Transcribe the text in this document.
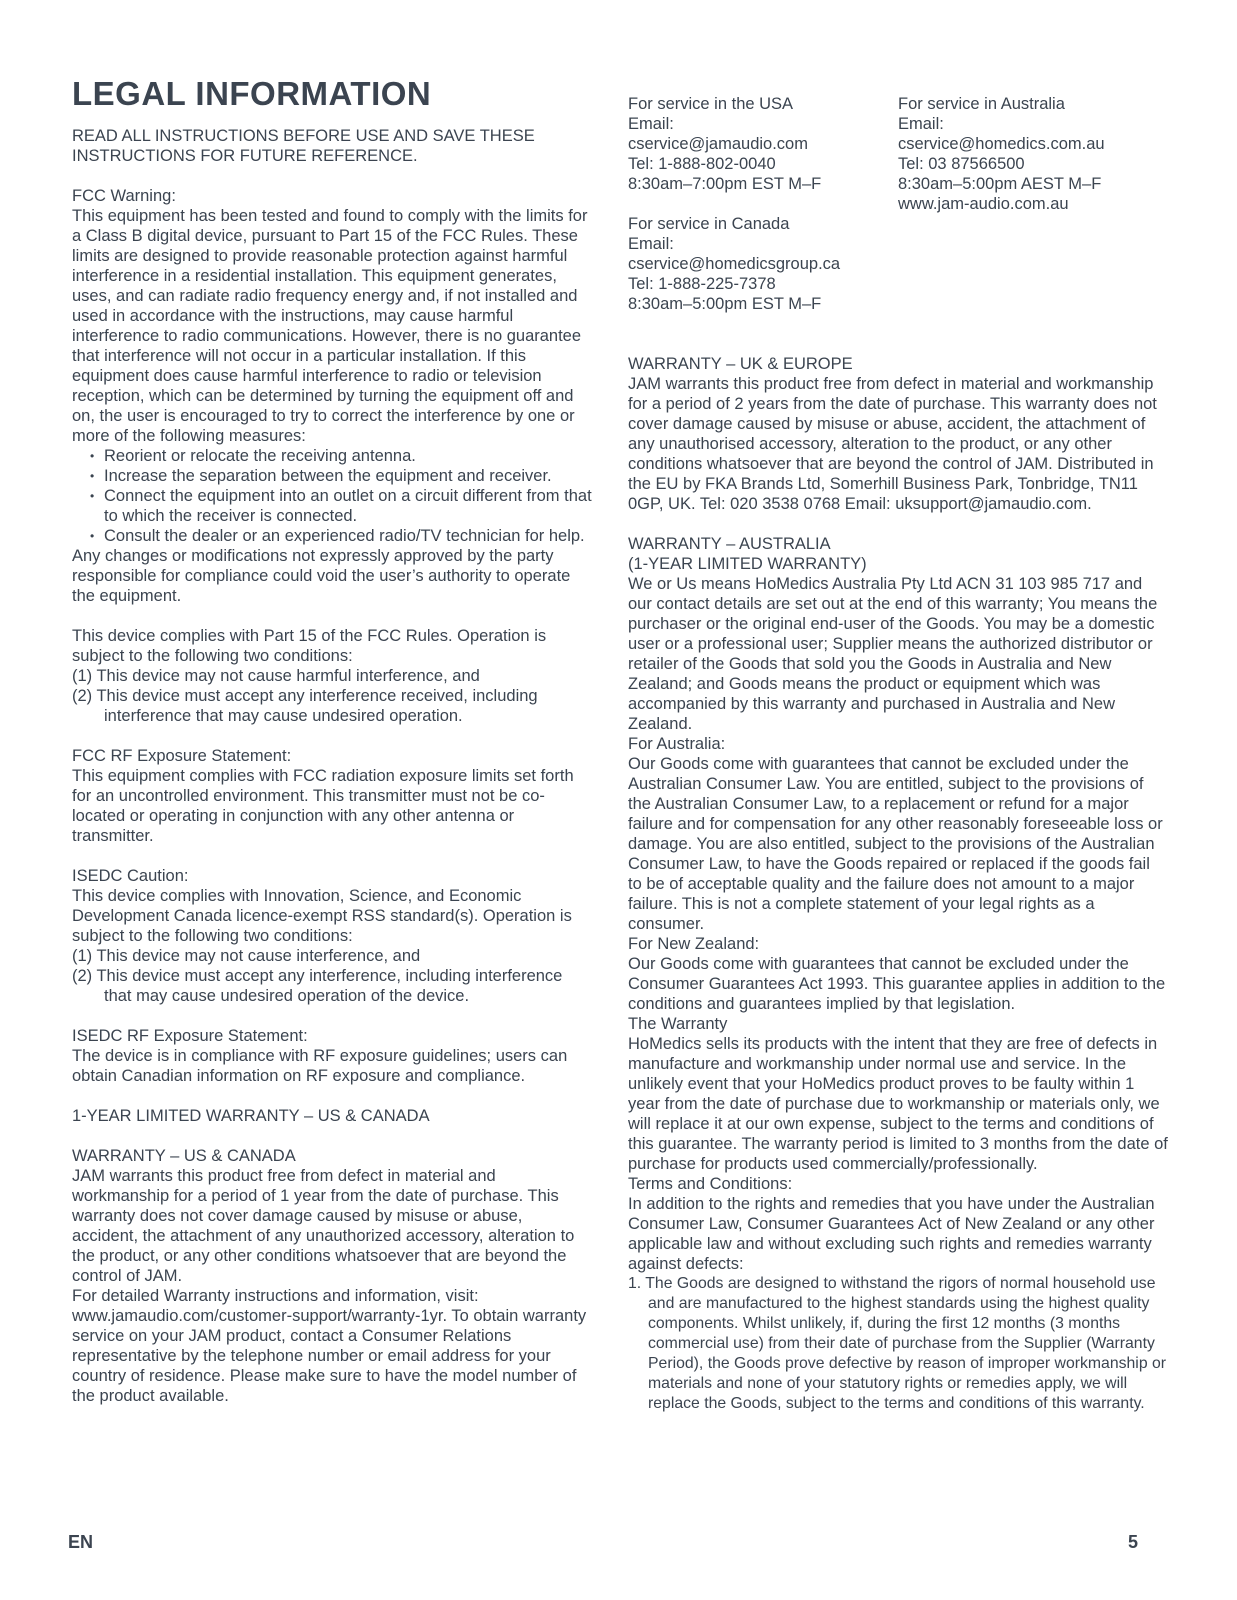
LEGAL INFORMATION

READ ALL INSTRUCTIONS BEFORE USE AND SAVE THESE INSTRUCTIONS FOR FUTURE REFERENCE.

FCC Warning:

This equipment has been tested and found to comply with the limits for a Class B digital device, pursuant to Part 15 of the FCC Rules. These limits are designed to provide reasonable protection against harmful interference in a residential installation. This equipment generates, uses, and can radiate radio frequency energy and, if not installed and used in accordance with the instructions, may cause harmful interference to radio communications. However, there is no guarantee that interference will not occur in a particular installation. If this equipment does cause harmful interference to radio or television reception, which can be determined by turning the equipment off and on, the user is encouraged to try to correct the interference by one or more of the following measures:

• Reorient or relocate the receiving antenna.
• Increase the separation between the equipment and receiver.
• Connect the equipment into an outlet on a circuit different from that to which the receiver is connected.
• Consult the dealer or an experienced radio/TV technician for help.

Any changes or modifications not expressly approved by the party responsible for compliance could void the user’s authority to operate the equipment.

This device complies with Part 15 of the FCC Rules. Operation is subject to the following two conditions:

(1) This device may not cause harmful interference, and
(2) This device must accept any interference received, including interference that may cause undesired operation.

FCC RF Exposure Statement:

This equipment complies with FCC radiation exposure limits set forth for an uncontrolled environment. This transmitter must not be co-located or operating in conjunction with any other antenna or transmitter.

ISEDC Caution:

This device complies with Innovation, Science, and Economic Development Canada licence-exempt RSS standard(s). Operation is subject to the following two conditions:

(1) This device may not cause interference, and
(2) This device must accept any interference, including interference that may cause undesired operation of the device.

ISEDC RF Exposure Statement:

The device is in compliance with RF exposure guidelines; users can obtain Canadian information on RF exposure and compliance.

1-YEAR LIMITED WARRANTY – US & CANADA

WARRANTY – US & CANADA

JAM warrants this product free from defect in material and workmanship for a period of 1 year from the date of purchase. This warranty does not cover damage caused by misuse or abuse, accident, the attachment of any unauthorized accessory, alteration to the product, or any other conditions whatsoever that are beyond the control of JAM.

For detailed Warranty instructions and information, visit: www.jamaudio.com/customer-support/warranty-1yr. To obtain warranty service on your JAM product, contact a Consumer Relations representative by the telephone number or email address for your country of residence. Please make sure to have the model number of the product available.

For service in the USA
Email:
cservice@jamaudio.com
Tel: 1-888-802-0040
8:30am–7:00pm EST M–F
For service in Canada
Email:
cservice@homedicsgroup.ca
Tel: 1-888-225-7378
8:30am–5:00pm EST M–F
For service in Australia
Email:
cservice@homedics.com.au
Tel: 03 87566500
8:30am–5:00pm AEST M–F
www.jam-audio.com.au

WARRANTY – UK & EUROPE

JAM warrants this product free from defect in material and workmanship for a period of 2 years from the date of purchase. This warranty does not cover damage caused by misuse or abuse, accident, the attachment of any unauthorised accessory, alteration to the product, or any other conditions whatsoever that are beyond the control of JAM. Distributed in the EU by FKA Brands Ltd, Somerhill Business Park, Tonbridge, TN11 0GP, UK. Tel: 020 3538 0768 Email: uksupport@jamaudio.com.

WARRANTY – AUSTRALIA

(1-YEAR LIMITED WARRANTY)

We or Us means HoMedics Australia Pty Ltd ACN 31 103 985 717 and our contact details are set out at the end of this warranty; You means the purchaser or the original end-user of the Goods. You may be a domestic user or a professional user; Supplier means the authorized distributor or retailer of the Goods that sold you the Goods in Australia and New Zealand; and Goods means the product or equipment which was accompanied by this warranty and purchased in Australia and New Zealand.

For Australia:

Our Goods come with guarantees that cannot be excluded under the Australian Consumer Law. You are entitled, subject to the provisions of the Australian Consumer Law, to a replacement or refund for a major failure and for compensation for any other reasonably foreseeable loss or damage. You are also entitled, subject to the provisions of the Australian Consumer Law, to have the Goods repaired or replaced if the goods fail to be of acceptable quality and the failure does not amount to a major failure. This is not a complete statement of your legal rights as a consumer.

For New Zealand:

Our Goods come with guarantees that cannot be excluded under the Consumer Guarantees Act 1993. This guarantee applies in addition to the conditions and guarantees implied by that legislation.

The Warranty

HoMedics sells its products with the intent that they are free of defects in manufacture and workmanship under normal use and service. In the unlikely event that your HoMedics product proves to be faulty within 1 year from the date of purchase due to workmanship or materials only, we will replace it at our own expense, subject to the terms and conditions of this guarantee. The warranty period is limited to 3 months from the date of purchase for products used commercially/professionally.

Terms and Conditions:

In addition to the rights and remedies that you have under the Australian Consumer Law, Consumer Guarantees Act of New Zealand or any other applicable law and without excluding such rights and remedies warranty against defects:

1. The Goods are designed to withstand the rigors of normal household use and are manufactured to the highest standards using the highest quality components. Whilst unlikely, if, during the first 12 months (3 months commercial use) from their date of purchase from the Supplier (Warranty Period), the Goods prove defective by reason of improper workmanship or materials and none of your statutory rights or remedies apply, we will replace the Goods, subject to the terms and conditions of this warranty.
EN	5
